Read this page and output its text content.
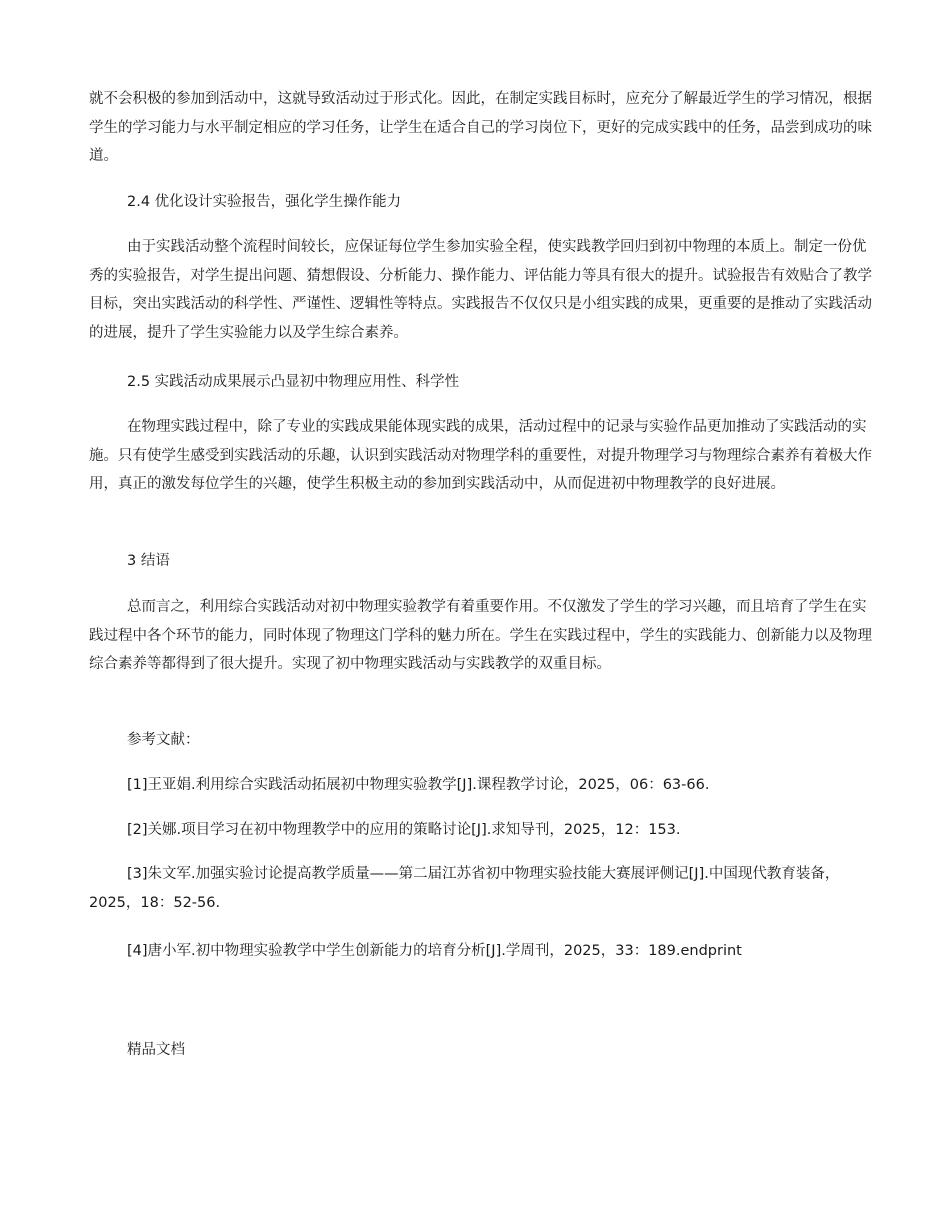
就不会积极的参加到活动中，这就导致活动过于形式化。因此，在制定实践目标时，应充分了解最近学生的学习情况，根据学生的学习能力与水平制定相应的学习任务，让学生在适合自己的学习岗位下，更好的完成实践中的任务，品尝到成功的味道。

2.4 优化设计实验报告，强化学生操作能力

由于实践活动整个流程时间较长，应保证每位学生参加实验全程，使实践教学回归到初中物理的本质上。制定一份优秀的实验报告，对学生提出问题、猜想假设、分析能力、操作能力、评估能力等具有很大的提升。试验报告有效贴合了教学目标，突出实践活动的科学性、严谨性、逻辑性等特点。实践报告不仅仅只是小组实践的成果，更重要的是推动了实践活动的进展，提升了学生实验能力以及学生综合素养。

2.5 实践活动成果展示凸显初中物理应用性、科学性

在物理实践过程中，除了专业的实践成果能体现实践的成果，活动过程中的记录与实验作品更加推动了实践活动的实施。只有使学生感受到实践活动的乐趣，认识到实践活动对物理学科的重要性，对提升物理学习与物理综合素养有着极大作用，真正的激发每位学生的兴趣，使学生积极主动的参加到实践活动中，从而促进初中物理教学的良好进展。

3 结语

总而言之，利用综合实践活动对初中物理实验教学有着重要作用。不仅激发了学生的学习兴趣，而且培育了学生在实践过程中各个环节的能力，同时体现了物理这门学科的魅力所在。学生在实践过程中，学生的实践能力、创新能力以及物理综合素养等都得到了很大提升。实现了初中物理实践活动与实践教学的双重目标。

参考文献：

[1]王亚娟.利用综合实践活动拓展初中物理实验教学[J].课程教学讨论，2025，06：63-66.

[2]关娜.项目学习在初中物理教学中的应用的策略讨论[J].求知导刊，2025，12：153.

[3]朱文军.加强实验讨论提高教学质量——第二届江苏省初中物理实验技能大赛展评侧记[J].中国现代教育装备，2025，18：52-56.

[4]唐小军.初中物理实验教学中学生创新能力的培育分析[J].学周刊，2025，33：189.endprint

精品文档
